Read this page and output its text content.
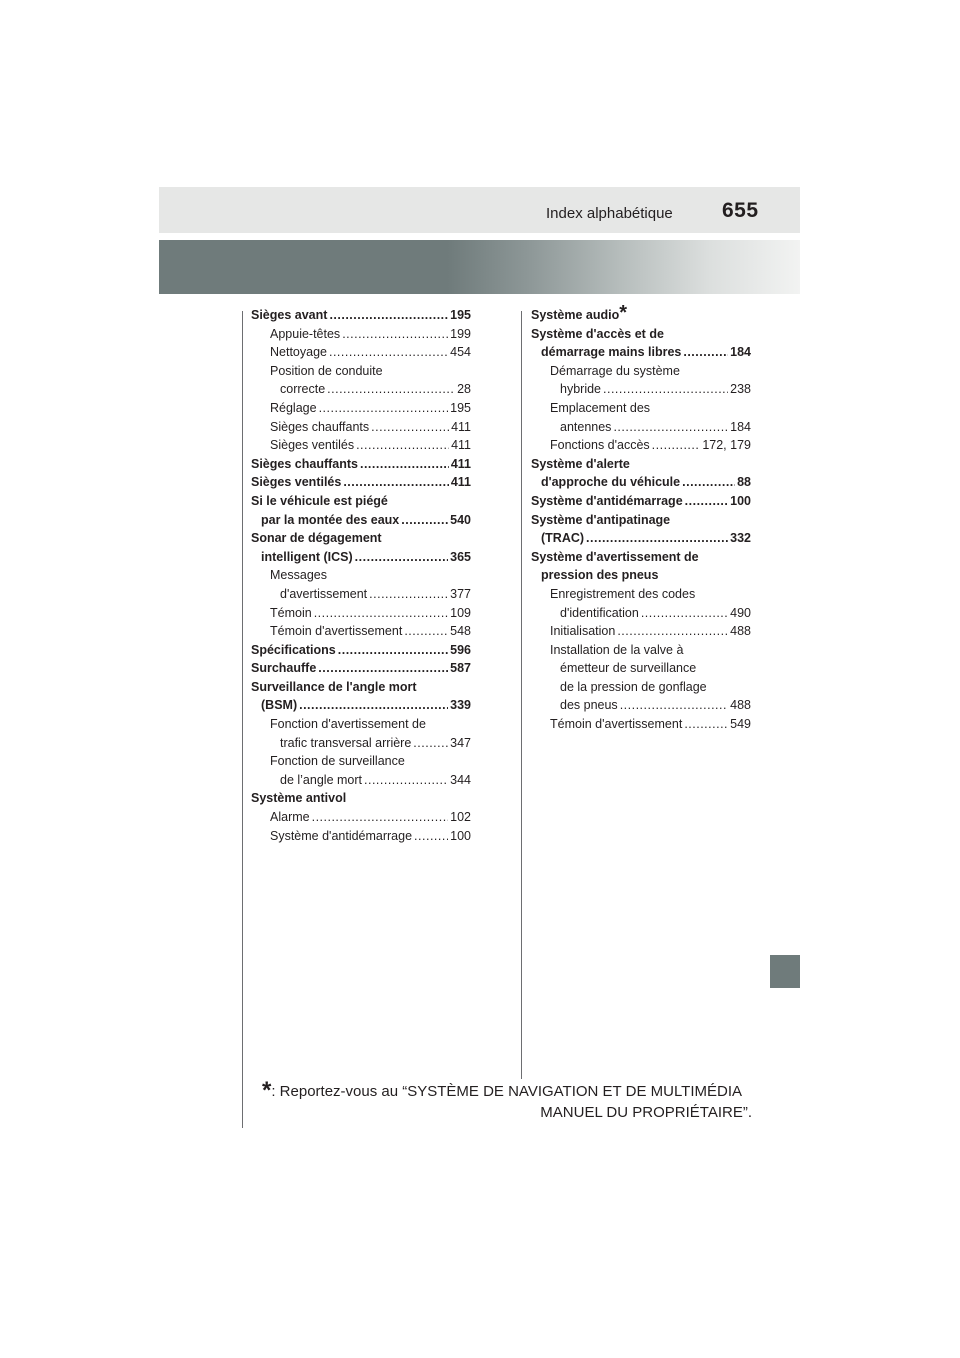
Index alphabétique 655
Sièges avant .....	195
Appuie-têtes .....	199
Nettoyage .....	454
Position de conduite
correcte .....	28
Réglage .....	195
Sièges chauffants .....	411
Sièges ventilés .....	411
Sièges chauffants .....	411
Sièges ventilés .....	411
Si le véhicule est piégé
par la montée des eaux .....	540
Sonar de dégagement
intelligent (ICS) .....	365
Messages
d'avertissement .....	377
Témoin .....	109
Témoin d'avertissement .....	548
Spécifications .....	596
Surchauffe .....	587
Surveillance de l'angle mort
(BSM) .....	339
Fonction d'avertissement de
trafic transversal arrière .....	347
Fonction de surveillance
de l’angle mort .....	344
Système antivol
Alarme .....	102
Système d'antidémarrage .....	100
Système audio *
Système d'accès et de
démarrage mains libres .....	184
Démarrage du système
hybride .....	238
Emplacement des
antennes .....	184
Fonctions d'accès .....	172, 179
Système d'alerte
d'approche du véhicule .....	88
Système d'antidémarrage .....	100
Système d'antipatinage
(TRAC) .....	332
Système d'avertissement de
pression des pneus
Enregistrement des codes
d'identification .....	490
Initialisation .....	488
Installation de la valve à
émetteur de surveillance
de la pression de gonflage
des pneus .....	488
Témoin d'avertissement .....	549
*: Reportez-vous au “SYSTÈME DE NAVIGATION ET DE MULTIMÉDIA
MANUEL DU PROPRIÉTAIRE”.
